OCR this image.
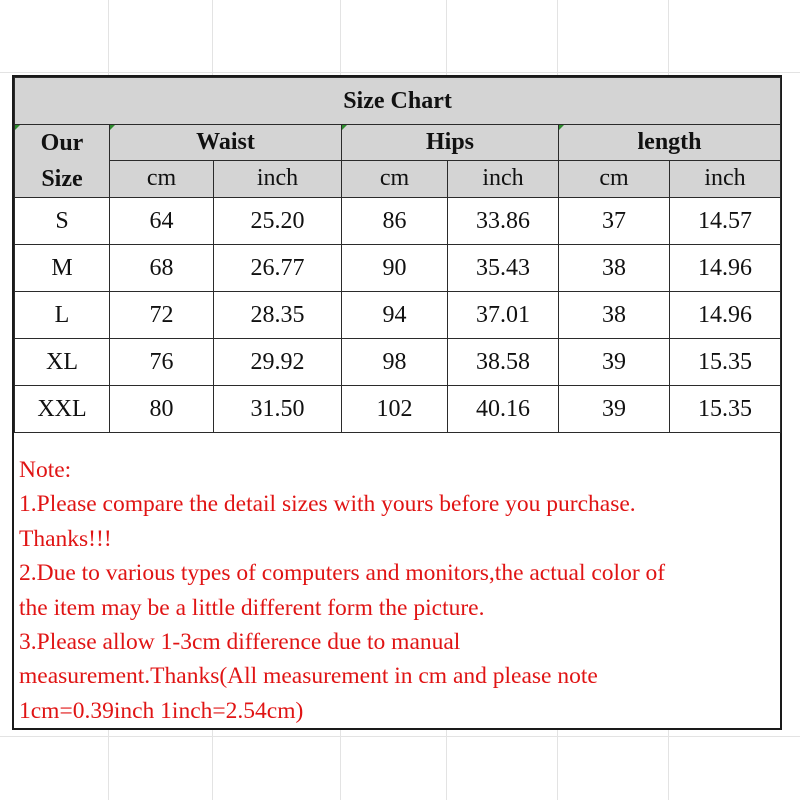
Size Chart						

Our
Size	Waist		Hips		length	
	cm	inch	cm	inch	cm	inch
S	64	25.20	86	33.86	37	14.57
M	68	26.77	90	35.43	38	14.96
L	72	28.35	94	37.01	38	14.96
XL	76	29.92	98	38.58	39	15.35
XXL	80	31.50	102	40.16	39	15.35
Note:
1.Please compare the detail sizes with yours before you purchase.
Thanks!!!
2.Due to various types of computers and monitors,the actual color of
the item may be a little different form the picture.
3.Please allow 1-3cm difference due to manual
measurement.Thanks(All measurement in cm and please note
1cm=0.39inch 1inch=2.54cm)
